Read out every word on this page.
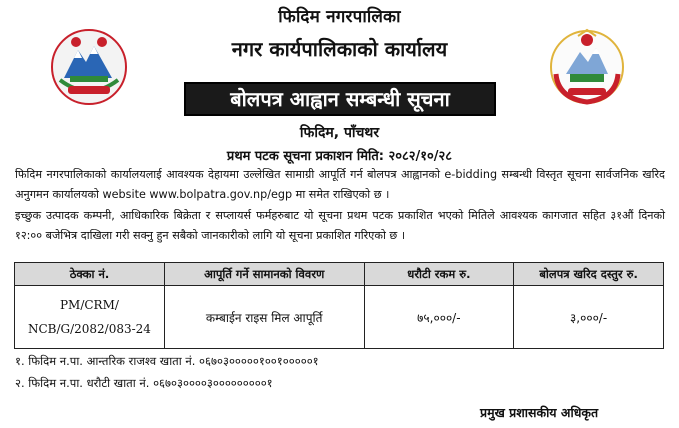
फिदिम नगरपालिका
नगर कार्यपालिकाको कार्यालय
बोलपत्र आह्वान सम्बन्धी सूचना
फिदिम, पाँचथर
प्रथम पटक सूचना प्रकाशन मिति: २०८२/१०/२८
फिदिम नगरपालिकाको कार्यालयलाई आवश्यक देहायमा उल्लेखित सामाग्री आपूर्ति गर्न बोलपत्र आह्वानको e-bidding सम्बन्धी विस्तृत सूचना सार्वजनिक खरिद अनुगमन कार्यालयको website www.bolpatra.gov.np/egp मा समेत राखिएको छ ।
इच्छुक उत्पादक कम्पनी, आधिकारिक बिक्रेता र सप्लायर्स फर्महरुबाट यो सूचना प्रथम पटक प्रकाशित भएको मितिले आवश्यक कागजात सहित ३१औं दिनको १२:०० बजेभित्र दाखिला गरी सक्नु हुन सबैको जानकारीको लागि यो सूचना प्रकाशित गरिएको छ ।
ठेक्का नं.	आपूर्ति गर्ने सामानको विवरण	धरौटी रकम रु.	बोलपत्र खरिद दस्तुर रु.
PM/CRM/
NCB/G/2082/083-24	कम्बाईन राइस मिल आपूर्ति	७५,०००/-	३,०००/-
१. फिदिम न.पा. आन्तरिक राजश्व खाता नं. ०६७०३०००००१००१०००००१
२. फिदिम न.पा. धरौटी खाता नं. ०६७०३००००३०००००००००१
प्रमुख प्रशासकीय अधिकृत
